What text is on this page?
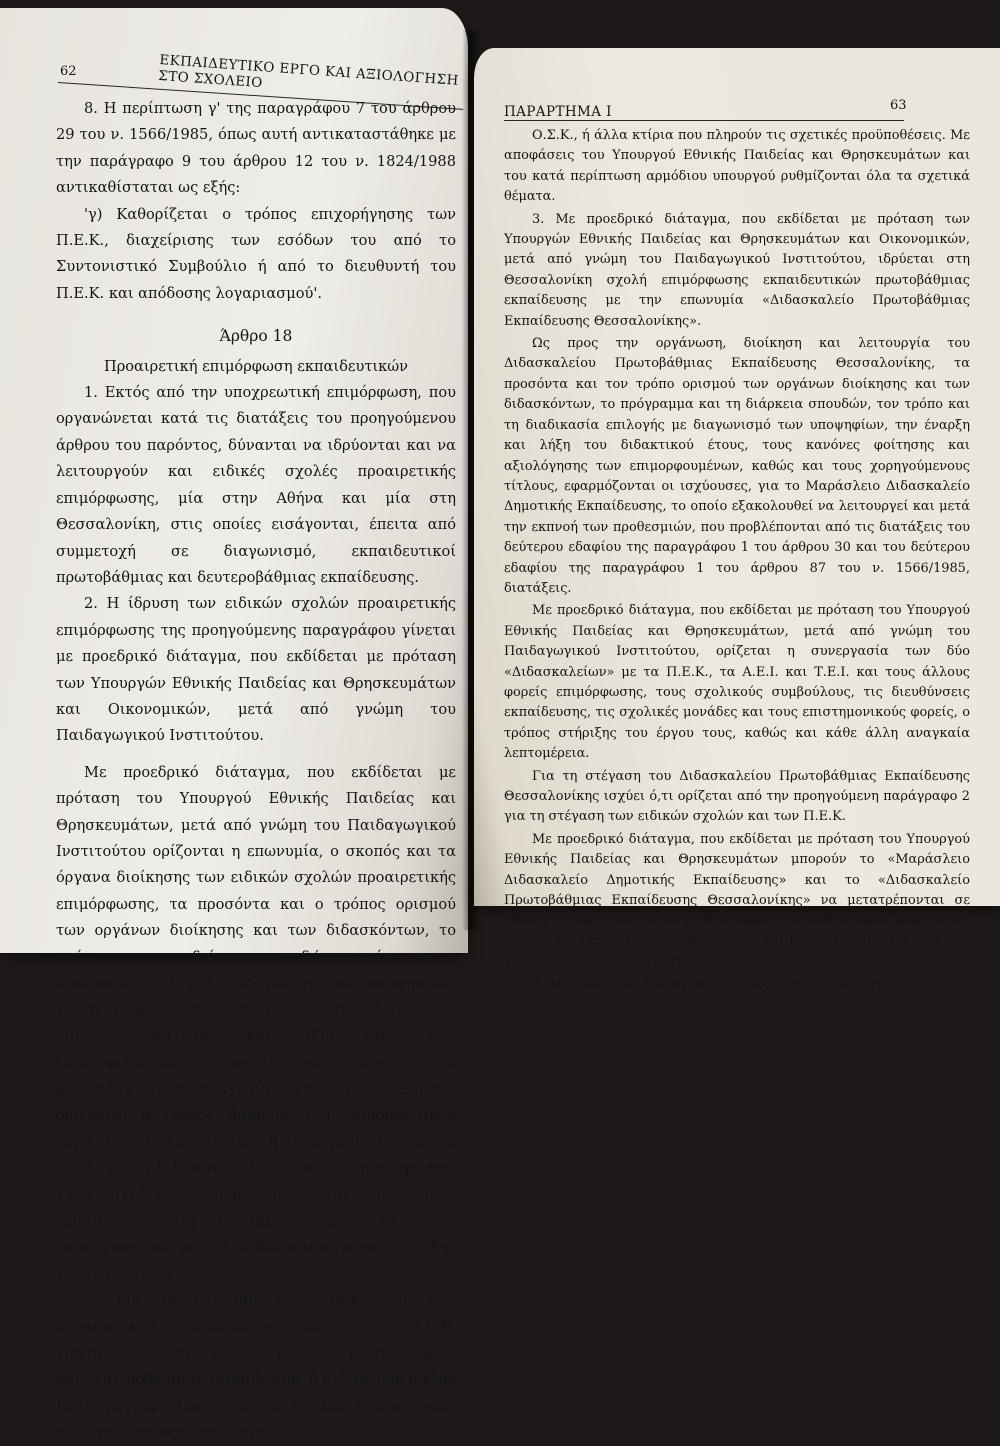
62	ΕΚΠΑΙΔΕΥΤΙΚΟ ΕΡΓΟ ΚΑΙ ΑΞΙΟΛΟΓΗΣΗ ΣΤΟ ΣΧΟΛΕΙΟ

8. Η περίπτωση γ' της παραγράφου 7 του άρθρου 29 του ν. 1566/1985, όπως αυτή αντικαταστάθηκε με την παράγραφο 9 του άρθρου 12 του ν. 1824/1988 αντικαθίσταται ως εξής:

'γ) Καθορίζεται ο τρόπος επιχορήγησης των Π.Ε.Κ., διαχείρισης των εσόδων του από το Συντονιστικό Συμβούλιο ή από το διευθυντή του Π.Ε.Κ. και απόδοσης λογαριασμού'.

Άρθρο 18

Προαιρετική επιμόρφωση εκπαιδευτικών

1. Εκτός από την υποχρεωτική επιμόρφωση, που οργανώνεται κατά τις διατάξεις του προηγούμενου άρθρου του παρόντος, δύνανται να ιδρύονται και να λειτουργούν και ειδικές σχολές προαιρετικής επιμόρφωσης, μία στην Αθήνα και μία στη Θεσσαλονίκη, στις οποίες εισάγονται, έπειτα από συμμετοχή σε διαγωνισμό, εκπαιδευτικοί πρωτοβάθμιας και δευτεροβάθμιας εκπαίδευσης.

2. Η ίδρυση των ειδικών σχολών προαιρετικής επιμόρφωσης της προηγούμενης παραγράφου γίνεται με προεδρικό διάταγμα, που εκδίδεται με πρόταση των Υπουργών Εθνικής Παιδείας και Θρησκευμάτων και Οικονομικών, μετά από γνώμη του Παιδαγωγικού Ινστιτούτου.

Με προεδρικό διάταγμα, που εκδίδεται με πρόταση του Υπουργού Εθνικής Παιδείας και Θρησκευμάτων, μετά από γνώμη του Παιδαγωγικού Ινστιτούτου ορίζονται η επωνυμία, ο σκοπός και τα όργανα διοίκησης των ειδικών σχολών προαιρετικής επιμόρφωσης, τα προσόντα και ο τρόπος ορισμού των οργάνων διοίκησης και των διδασκόντων, το πρόγραμμα και η διάρκεια σπουδών, ο τρόπος και η διαδικασία επιλογής με διαγωνισμό των υποψηφίων, τα της έναρξης και λήξης του διδακτικού έτους, οι κανόνες φοίτησης και αξιολόγησης των επιμορφουμένων, ο τύπος του χορηγούμενου τίτλου και κάθε άλλη αναγκαία λεπτομέρεια. Επίσης, ορίζονται ο τρόπος άσκησης του επιμορφωτικού έργου των ειδικών σχολών, η συνεργασία τους με τα Α.Ε.Ι. και Τ.Ε.Ι. και άλλους φορείς επιμόρφωσης, τους σχολικούς συμβούλους, τις διευθύνσεις εκπαίδευσης, τις σχολικές μονάδες και τους επιστημονικούς φορείς, καθώς και ο τρόπος στήριξης του έργου τους.

3. Για τη στέγαση των ειδικών σχολών προαιρετικής επιμόρφωσης και των Π.Ε.Κ. χρησιμοποιούνται σχολικές μονάδες πρωτοβάθμιας και δευτεροβάθμιας εκπαίδευσης ή κτίρια των πρώην Παιδαγωγικών Ακαδημιών και Σχολών Νηπιαγωγών, που έχουν παραχωρηθεί στον

ΠΑΡΑΡΤΗΜΑ Ι	63

Ο.Σ.Κ., ή άλλα κτίρια που πληρούν τις σχετικές προϋποθέσεις. Με αποφάσεις του Υπουργού Εθνικής Παιδείας και Θρησκευμάτων και του κατά περίπτωση αρμόδιου υπουργού ρυθμίζονται όλα τα σχετικά θέματα.

3. Με προεδρικό διάταγμα, που εκδίδεται με πρόταση των Υπουργών Εθνικής Παιδείας και Θρησκευμάτων και Οικονομικών, μετά από γνώμη του Παιδαγωγικού Ινστιτούτου, ιδρύεται στη Θεσσαλονίκη σχολή επιμόρφωσης εκπαιδευτικών πρωτοβάθμιας εκπαίδευσης με την επωνυμία «Διδασκαλείο Πρωτοβάθμιας Εκπαίδευσης Θεσσαλονίκης».

Ως προς την οργάνωση, διοίκηση και λειτουργία του Διδασκαλείου Πρωτοβάθμιας Εκπαίδευσης Θεσσαλονίκης, τα προσόντα και τον τρόπο ορισμού των οργάνων διοίκησης και των διδασκόντων, το πρόγραμμα και τη διάρκεια σπουδών, τον τρόπο και τη διαδικασία επιλογής με διαγωνισμό των υποψηφίων, την έναρξη και λήξη του διδακτικού έτους, τους κανόνες φοίτησης και αξιολόγησης των επιμορφουμένων, καθώς και τους χορηγούμενους τίτλους, εφαρμόζονται οι ισχύουσες, για το Μαράσλειο Διδασκαλείο Δημοτικής Εκπαίδευσης, το οποίο εξακολουθεί να λειτουργεί και μετά την εκπνοή των προθεσμιών, που προβλέπονται από τις διατάξεις του δεύτερου εδαφίου της παραγράφου 1 του άρθρου 30 και του δεύτερου εδαφίου της παραγράφου 1 του άρθρου 87 του ν. 1566/1985, διατάξεις.

Με προεδρικό διάταγμα, που εκδίδεται με πρόταση του Υπουργού Εθνικής Παιδείας και Θρησκευμάτων, μετά από γνώμη του Παιδαγωγικού Ινστιτούτου, ορίζεται η συνεργασία των δύο «Διδασκαλείων» με τα Π.Ε.Κ., τα Α.Ε.Ι. και Τ.Ε.Ι. και τους άλλους φορείς επιμόρφωσης, τους σχολικούς συμβούλους, τις διευθύνσεις εκπαίδευσης, τις σχολικές μονάδες και τους επιστημονικούς φορείς, ο τρόπος στήριξης του έργου τους, καθώς και κάθε άλλη αναγκαία λεπτομέρεια.

Για τη στέγαση του Διδασκαλείου Πρωτοβάθμιας Εκπαίδευσης Θεσσαλονίκης ισχύει ό,τι ορίζεται από την προηγούμενη παράγραφο 2 για τη στέγαση των ειδικών σχολών και των Π.Ε.Κ.

Με προεδρικό διάταγμα, που εκδίδεται με πρόταση του Υπουργού Εθνικής Παιδείας και Θρησκευμάτων μπορούν το «Μαράσλειο Διδασκαλείο Δημοτικής Εκπαίδευσης» και το «Διδασκαλείο Πρωτοβάθμιας Εκπαίδευσης Θεσσαλονίκης» να μετατρέπονται σε ειδικές σχολές προαιρετικής επιμόρφωσης εκπαιδευτικών, όπως αυτές ορίζονται, από το παρόν άρθρο, οπότε και διέπονται από τις σχετικές για τις ειδικές σχολές διατάξεις.

4. Με προεδρικό διάταγμα, που εκδίδεται με πρόταση του Υπουρ-
